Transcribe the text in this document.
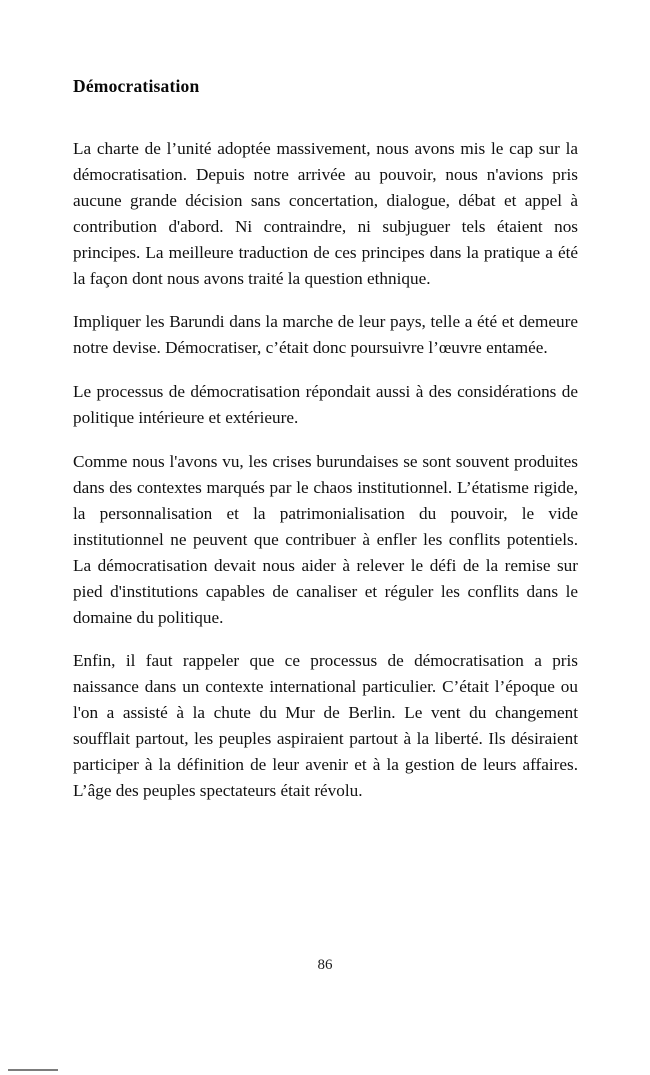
Démocratisation

La charte de l’unité adoptée massivement, nous avons mis le cap sur la démocratisation. Depuis notre arrivée au pouvoir, nous n'avions pris aucune grande décision sans concertation, dialogue, débat et appel à contribution d'abord. Ni contraindre, ni subjuguer tels étaient nos principes. La meilleure traduction de ces principes dans la pratique a été la façon dont nous avons traité la question ethnique.

Impliquer les Barundi dans la marche de leur pays, telle a été et demeure notre devise. Démocratiser, c’était donc poursuivre l’œuvre entamée.

Le processus de démocratisation répondait aussi à des considérations de politique intérieure et extérieure.

Comme nous l'avons vu, les crises burundaises se sont souvent produites dans des contextes marqués par le chaos institutionnel. L’étatisme rigide, la personnalisation et la patrimonialisation du pouvoir, le vide institutionnel ne peuvent que contribuer à enfler les conflits potentiels. La démocratisation devait nous aider à relever le défi de la remise sur pied d'institutions capables de canaliser et réguler les conflits dans le domaine du politique.

Enfin, il faut rappeler que ce processus de démocratisation a pris naissance dans un contexte international particulier. C’était l’époque ou l'on a assisté à la chute du Mur de Berlin. Le vent du changement soufflait partout, les peuples aspiraient partout à la liberté. Ils désiraient participer à la définition de leur avenir et à la gestion de leurs affaires. L’âge des peuples spectateurs était révolu.

86
